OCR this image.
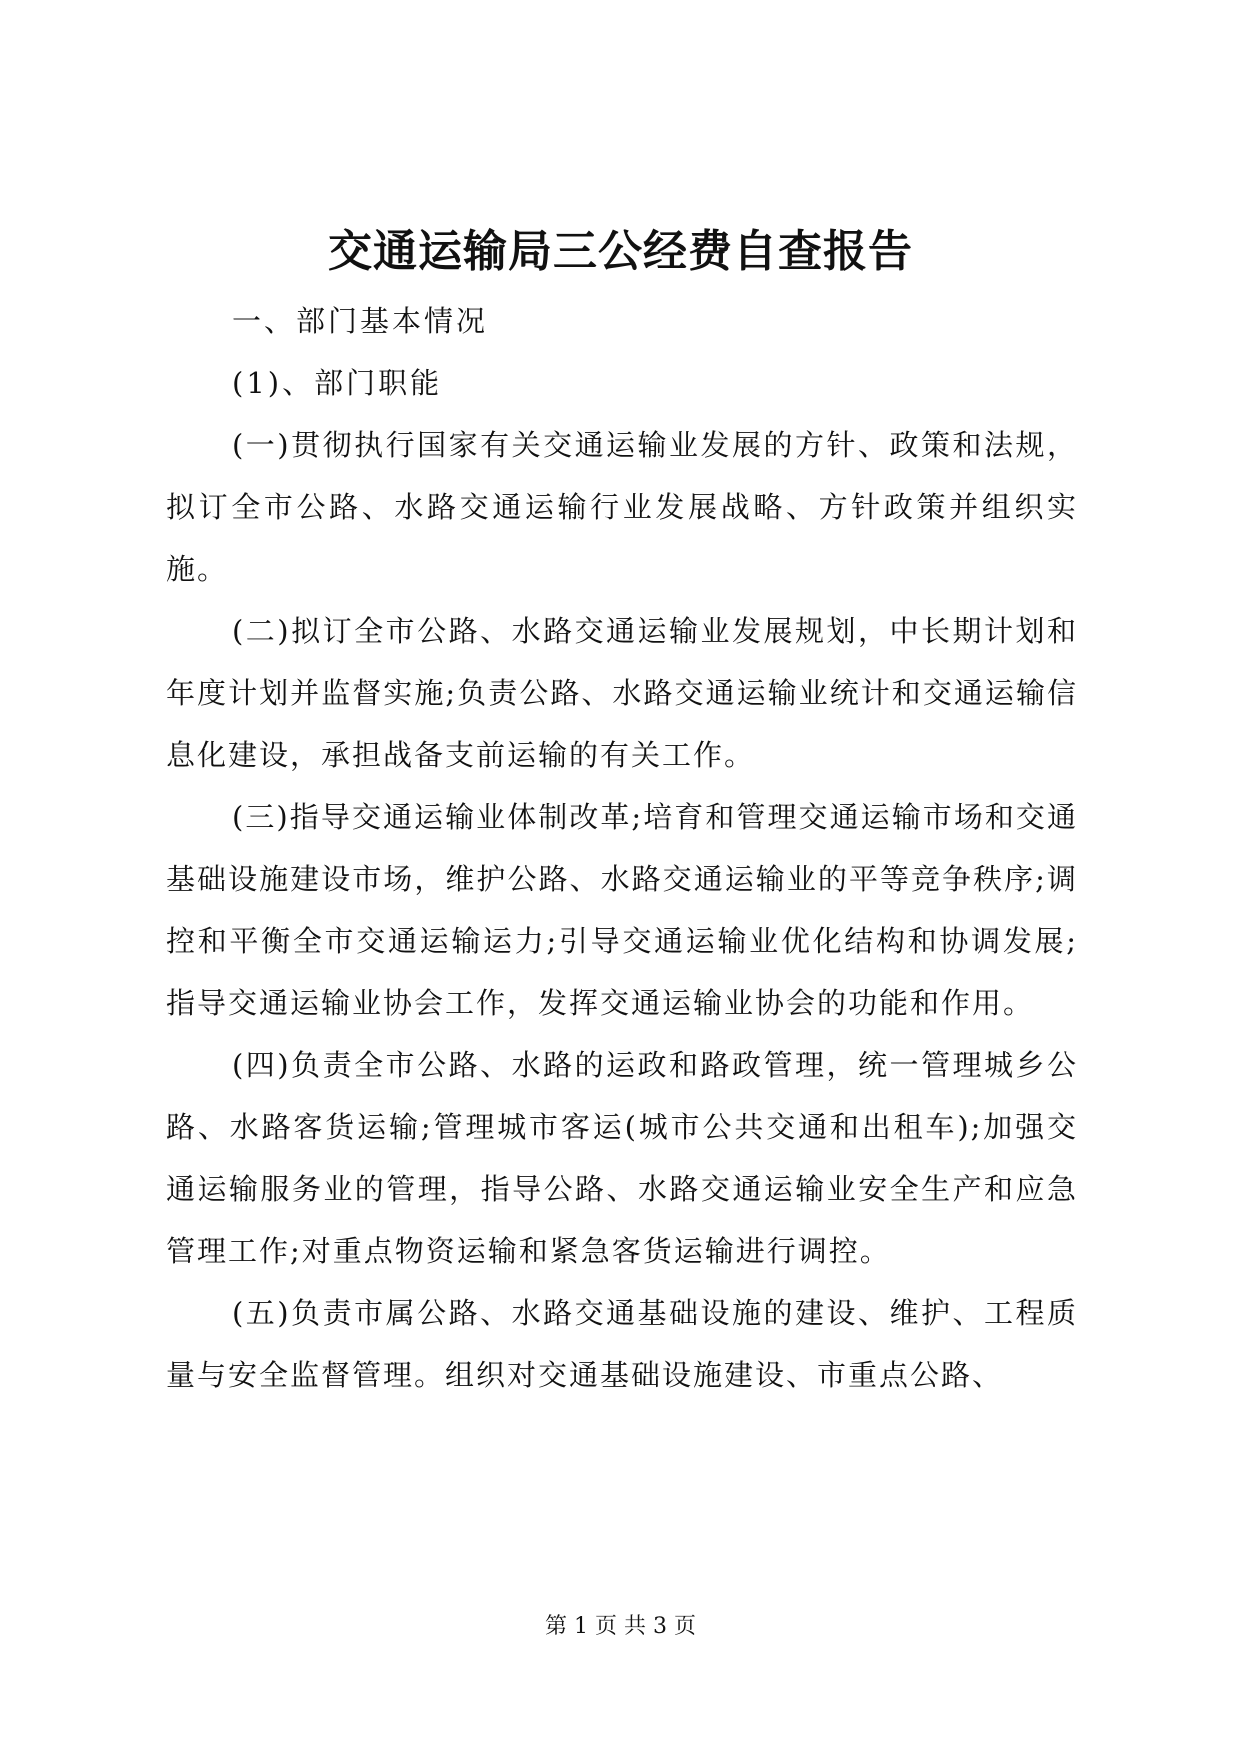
交通运输局三公经费自查报告

一、部门基本情况

(1)、部门职能

(一)贯彻执行国家有关交通运输业发展的方针、政策和法规，拟订全市公路、水路交通运输行业发展战略、方针政策并组织实施。

(二)拟订全市公路、水路交通运输业发展规划，中长期计划和年度计划并监督实施;负责公路、水路交通运输业统计和交通运输信息化建设，承担战备支前运输的有关工作。

(三)指导交通运输业体制改革;培育和管理交通运输市场和交通基础设施建设市场，维护公路、水路交通运输业的平等竞争秩序;调控和平衡全市交通运输运力;引导交通运输业优化结构和协调发展;指导交通运输业协会工作，发挥交通运输业协会的功能和作用。

(四)负责全市公路、水路的运政和路政管理，统一管理城乡公路、水路客货运输;管理城市客运(城市公共交通和出租车);加强交通运输服务业的管理，指导公路、水路交通运输业安全生产和应急管理工作;对重点物资运输和紧急客货运输进行调控。

(五)负责市属公路、水路交通基础设施的建设、维护、工程质量与安全监督管理。组织对交通基础设施建设、市重点公路、

第 1 页 共 3 页
